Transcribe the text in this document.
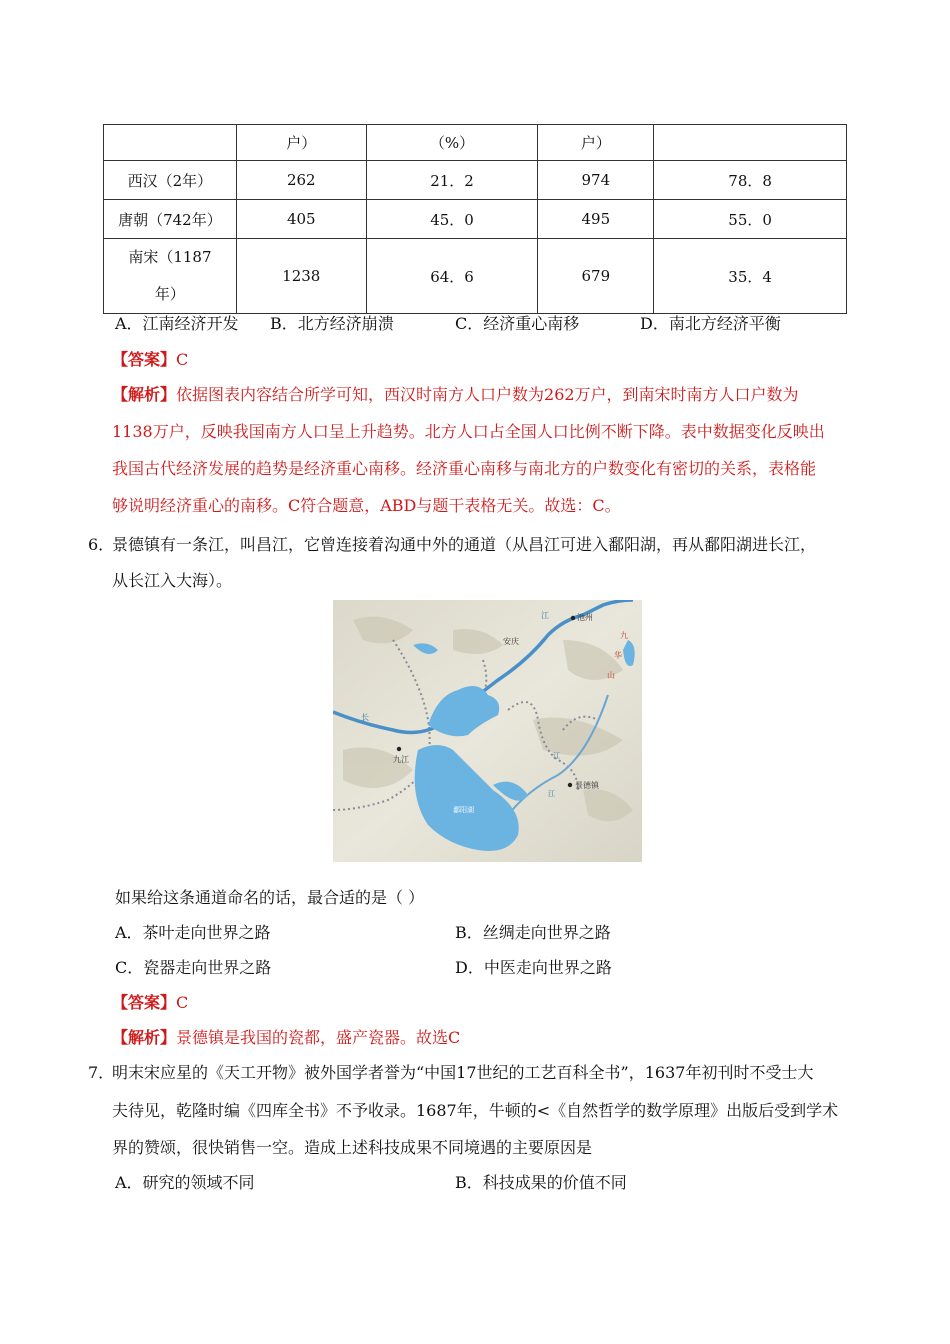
	户）	（%）	户）	
西汉（2年）	262	21．2	974	78．8
唐朝（742年）	405	45．0	495	55．0
南宋（1187
年）	1238	64．6	679	35．4
A．江南经济开发 B．北方经济崩溃	C．经济重心南移	D．南北方经济平衡
【答案】C
【解析】依据图表内容结合所学可知，西汉时南方人口户数为262万户，到南宋时南方人口户数为
1138万户，反映我国南方人口呈上升趋势。北方人口占全国人口比例不断下降。表中数据变化反映出
我国古代经济发展的趋势是经济重心南移。经济重心南移与南北方的户数变化有密切的关系，表格能
够说明经济重心的南移。C符合题意，ABD与题干表格无关。故选：C。
6．
景德镇有一条江，叫昌江，它曾连接着沟通中外的通道（从昌江可进入鄱阳湖，再从鄱阳湖进长江，
从长江入大海）。
池州
安庆
九
华
山
长
江
九江
景德镇
鄱阳湖
江
江
如果给这条通道命名的话，最合适的是（ ）
A．茶叶走向世界之路	B．丝绸走向世界之路
C．瓷器走向世界之路	D．中医走向世界之路
【答案】C
【解析】景德镇是我国的瓷都，盛产瓷器。故选C
7．
明末宋应星的《天工开物》被外国学者誉为“中国17世纪的工艺百科全书”，1637年初刊时不受士大
夫待见，乾隆时编《四库全书》不予收录。1687年，牛顿的<《自然哲学的数学原理》出版后受到学术
界的赞颂，很快销售一空。造成上述科技成果不同境遇的主要原因是
A．研究的领域不同	B．科技成果的价值不同
